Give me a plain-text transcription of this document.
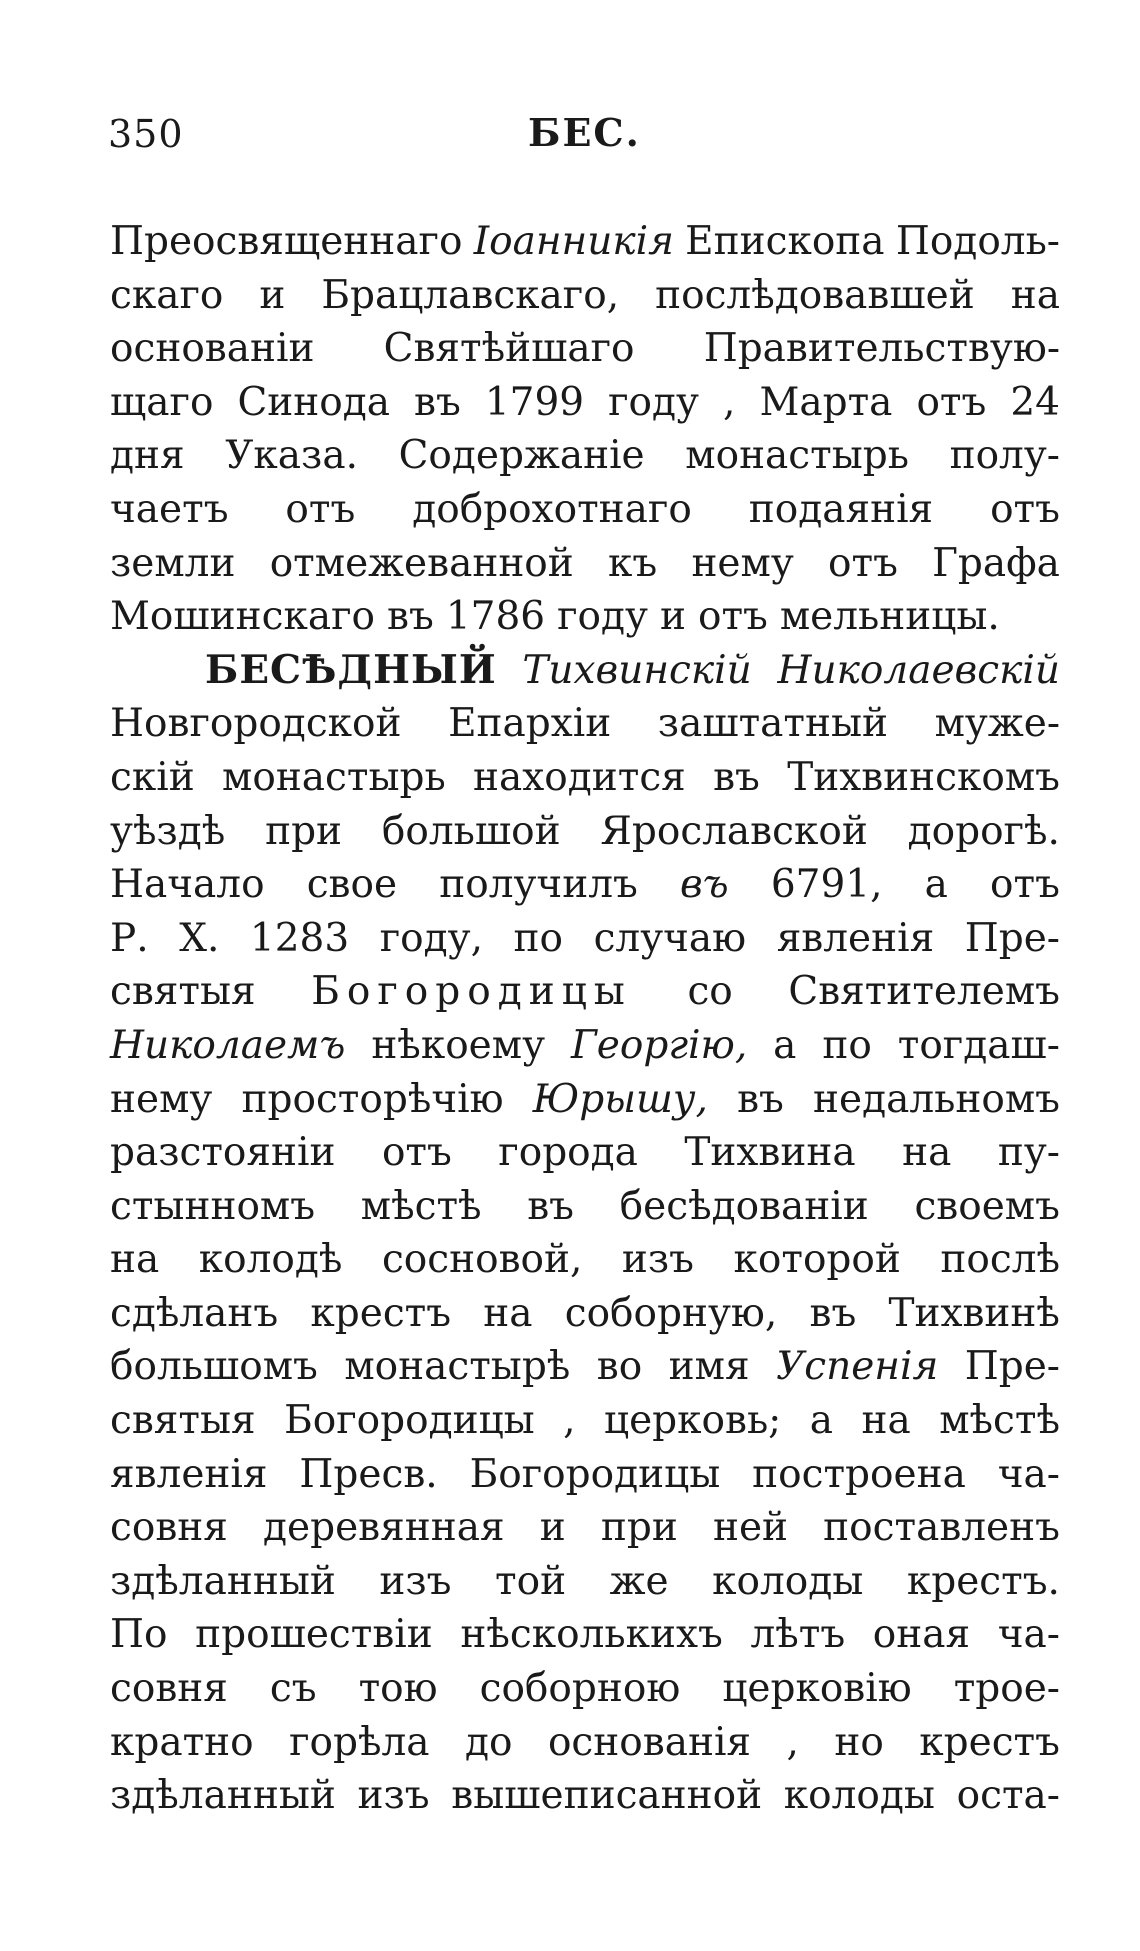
350	БЕС.
Преосвященнаго Іоанникія Епископа Подоль-
скаго и Брацлавскаго, послѣдовавшей на
основаніи Святѣйшаго Правительствую-
щаго Синода въ 1799 году , Марта отъ 24
дня Указа. Содержаніе монастырь полу-
чаетъ отъ доброхотнаго подаянія отъ
земли отмежеванной къ нему отъ Графа
Мошинскаго въ 1786 году и отъ мельницы.
БЕСѢДНЫЙ Тихвинскій Николаевскій
Новгородской Епархіи заштатный муже-
скій монастырь находится въ Тихвинскомъ
уѣздѣ при большой Ярославской дорогѣ.
Начало свое получилъ въ 6791, а отъ
Р. Х. 1283 году, по случаю явленія Пре-
святыя Богородицы со Святителемъ
Николаемъ нѣкоему Георгію, а по тогдаш-
нему просторѣчію Юрышу, въ недальномъ
разстояніи отъ города Тихвина на пу-
стынномъ мѣстѣ въ бесѣдованіи своемъ
на колодѣ сосновой, изъ которой послѣ
сдѣланъ крестъ на соборную, въ Тихвинѣ
большомъ монастырѣ во имя Успенія Пре-
святыя Богородицы , церковь; а на мѣстѣ
явленія Пресв. Богородицы построена ча-
совня деревянная и при ней поставленъ
здѣланный изъ той же колоды крестъ.
По прошествіи нѣсколькихъ лѣтъ оная ча-
совня съ тою соборною церковію трое-
кратно горѣла до основанія , но крестъ
здѣланный изъ вышеписанной колоды оста-
